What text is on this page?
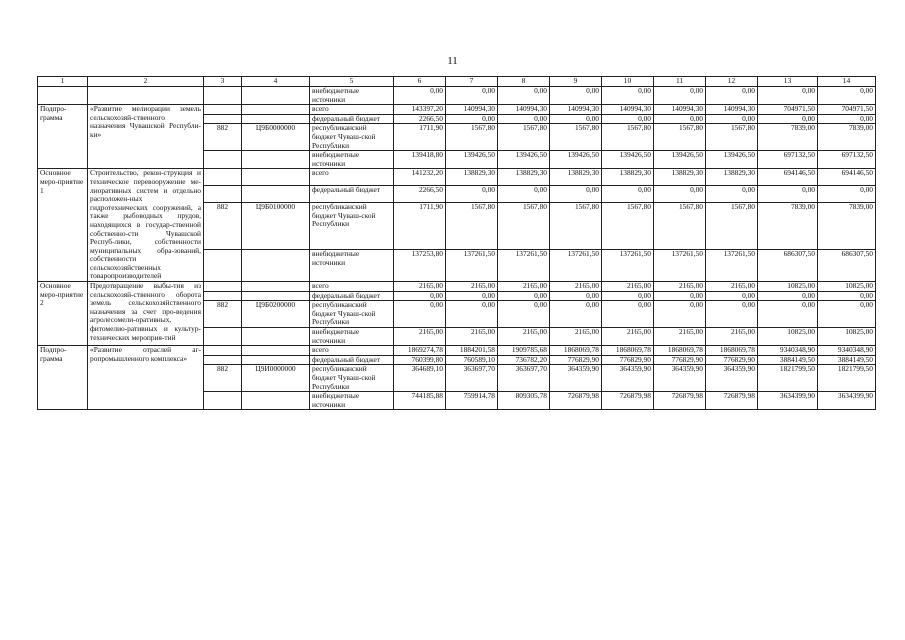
11
1	2	3	4	5	6	7	8	9	10	11	12	13	14
				внебюджетные источники	0,00	0,00	0,00	0,00	0,00	0,00	0,00	0,00	0,00
Подпро-грамма	«Развитие мелиорации земель сельскохозяй-ственного назначения Чувашской Республи-ки»			всего	143397,20	140994,30	140994,30	140994,30	140994,30	140994,30	140994,30	704971,50	704971,50
				федеральный бюджет	2266,50	0,00	0,00	0,00	0,00	0,00	0,00	0,00	0,00
		882	Ц9Б0000000	республиканский бюджет Чуваш-ской Республики	1711,90	1567,80	1567,80	1567,80	1567,80	1567,80	1567,80	7839,00	7839,00
				внебюджетные источники	139418,80	139426,50	139426,50	139426,50	139426,50	139426,50	139426,50	697132,50	697132,50
Основное меро-приятие 1	Строительство, рекон-струкция и техническое перевооружение ме-лиоративных систем и отдельно расположен-ных гидротехнических сооружений, а также рыбоводных прудов, находящихся в государ-ственной собственно-сти Чувашской Респуб-лики, собственности муниципальных обра-зований, собственности сельскохозяйственных товаропроизводителей			всего	141232,20	138829,30	138829,30	138829,30	138829,30	138829,30	138829,30	694146,50	694146,50
				федеральный бюджет	2266,50	0,00	0,00	0,00	0,00	0,00	0,00	0,00	0,00
		882	Ц9Б0100000	республиканский бюджет Чуваш-ской Республики	1711,90	1567,80	1567,80	1567,80	1567,80	1567,80	1567,80	7839,00	7839,00
				внебюджетные источники	137253,80	137261,50	137261,50	137261,50	137261,50	137261,50	137261,50	686307,50	686307,50
Основное меро-приятие 2	Предотвращение выбы-тия из сельскохозяй-ственного оборота земель сельскохозяйственного назначения за счет про-ведения агролесомели-оративных, фитомелио-ративных и культур-технических мероприя-тий			всего	2165,00	2165,00	2165,00	2165,00	2165,00	2165,00	2165,00	10825,00	10825,00
				федеральный бюджет	0,00	0,00	0,00	0,00	0,00	0,00	0,00	0,00	0,00
		882	Ц9Б0200000	республиканский бюджет Чуваш-ской Республики	0,00	0,00	0,00	0,00	0,00	0,00	0,00	0,00	0,00
				внебюджетные источники	2165,00	2165,00	2165,00	2165,00	2165,00	2165,00	2165,00	10825,00	10825,00
Подпро-грамма	«Развитие отраслей аг-ропромышленного комплекса»			всего	1869274,78	1884201,58	1909785,68	1868069,78	1868069,78	1868069,78	1868069,78	9340348,90	9340348,90
				федеральный бюджет	760399,80	760589,10	736782,20	776829,90	776829,90	776829,90	776829,90	3884149,50	3884149,50
		882	Ц9И0000000	республиканский бюджет Чуваш-ской Республики	364689,10	363697,70	363697,70	364359,90	364359,90	364359,90	364359,90	1821799,50	1821799,50
				внебюджетные источники	744185,88	759914,78	809305,78	726879,98	726879,98	726879,98	726879,98	3634399,90	3634399,90
